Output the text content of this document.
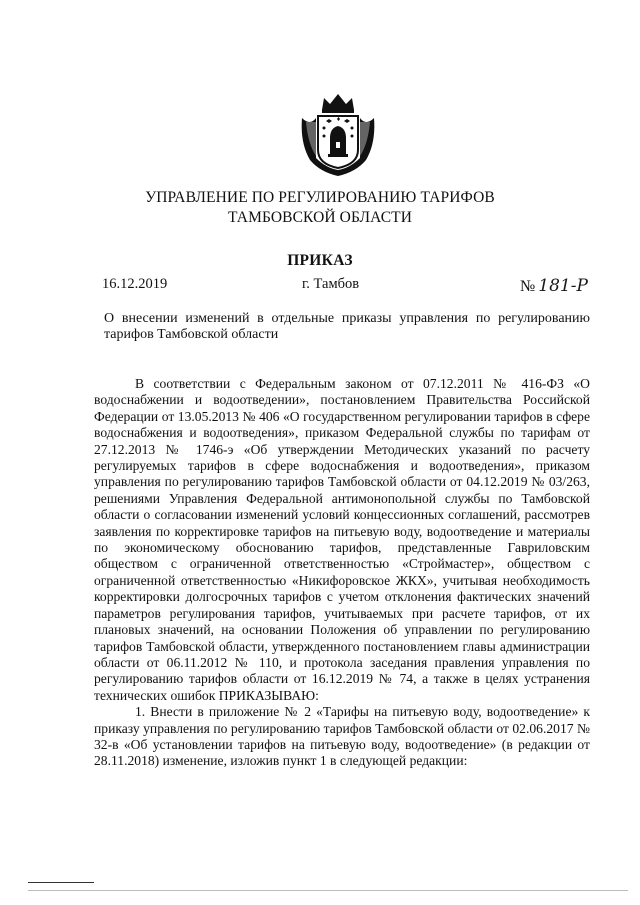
УПРАВЛЕНИЕ ПО РЕГУЛИРОВАНИЮ ТАРИФОВ
ТАМБОВСКОЙ ОБЛАСТИ
ПРИКАЗ
16.12.2019	г. Тамбов	№ 181-Р
О внесении изменений в отдельные приказы управления по регулированию тарифов Тамбовской области

В соответствии с Федеральным законом от 07.12.2011 № 416-ФЗ «О водоснабжении и водоотведении», постановлением Правительства Российской Федерации от 13.05.2013 № 406 «О государственном регулировании тарифов в сфере водоснабжения и водоотведения», приказом Федеральной службы по тарифам от 27.12.2013 № 1746-э «Об утверждении Методических указаний по расчету регулируемых тарифов в сфере водоснабжения и водоотведения», приказом управления по регулированию тарифов Тамбовской области от 04.12.2019 № 03/263, решениями Управления Федеральной антимонопольной службы по Тамбовской области о согласовании изменений условий концессионных соглашений, рассмотрев заявления по корректировке тарифов на питьевую воду, водоотведение и материалы по экономическому обоснованию тарифов, представленные Гавриловским обществом с ограниченной ответственностью «Строймастер», обществом с ограниченной ответственностью «Никифоровское ЖКХ», учитывая необходимость корректировки долгосрочных тарифов с учетом отклонения фактических значений параметров регулирования тарифов, учитываемых при расчете тарифов, от их плановых значений, на основании Положения об управлении по регулированию тарифов Тамбовской области, утвержденного постановлением главы администрации области от 06.11.2012 № 110, и протокола заседания правления управления по регулированию тарифов области от 16.12.2019 № 74, а также в целях устранения технических ошибок ПРИКАЗЫВАЮ:

1. Внести в приложение № 2 «Тарифы на питьевую воду, водоотведение» к приказу управления по регулированию тарифов Тамбовской области от 02.06.2017 № 32-в «Об установлении тарифов на питьевую воду, водоотведение» (в редакции от 28.11.2018) изменение, изложив пункт 1 в следующей редакции:
